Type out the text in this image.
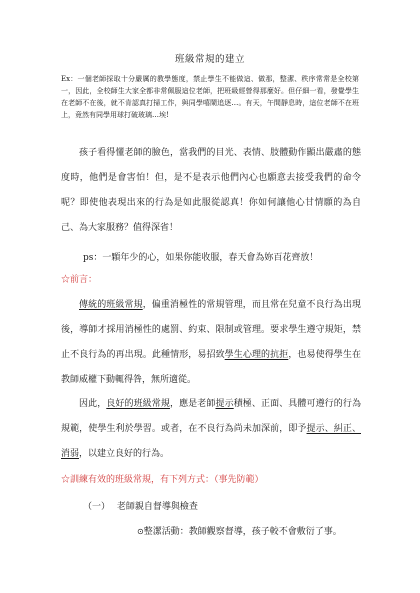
班級常規的建立
Ex：一個老師採取十分嚴厲的教學態度，禁止學生不能做這、做那，整潔、秩序常常是全校第一，因此，全校師生大家全都非常佩服這位老師，把班級經營得那麼好。但仔細一看，發覺學生在老師不在後，就不肯認真打掃工作，與同學嘻鬧追逐…。有天，午間靜息時，這位老師不在班上，竟然有同學用球打破玻璃…埃!
孩子看得懂老師的臉色，當我們的目光、表情、肢體動作顯出嚴肅的態度時，他們是會害怕！但，是不是表示他們內心也願意去接受我們的命令呢？即使他表現出來的行為是如此服從認真！你如何讓他心甘情願的為自己、為大家服務？值得深省！
ps：一顆年少的心，如果你能收服，春天會為妳百花齊放！
☆前言：
傳統的班級常規，偏重消極性的常規管理，而且常在兒童不良行為出現後，導師才採用消極性的處罰、約束、限制或管理。要求學生遵守規矩，禁止不良行為的再出現。此種情形，易招致學生心理的抗拒，也易使得學生在教師威權下動輒得咎，無所適從。
因此，良好的班級常規，應是老師提示積極、正面、具體可遵行的行為規範，使學生利於學習。或者，在不良行為尚未加深前，即予提示、糾正、消弱，以建立良好的行為。
☆訓練有效的班級常規，有下列方式：（事先防範）
（一） 老師親自督導與檢查
⊙整潔活動：教師觀察督導，孩子較不會敷衍了事。
